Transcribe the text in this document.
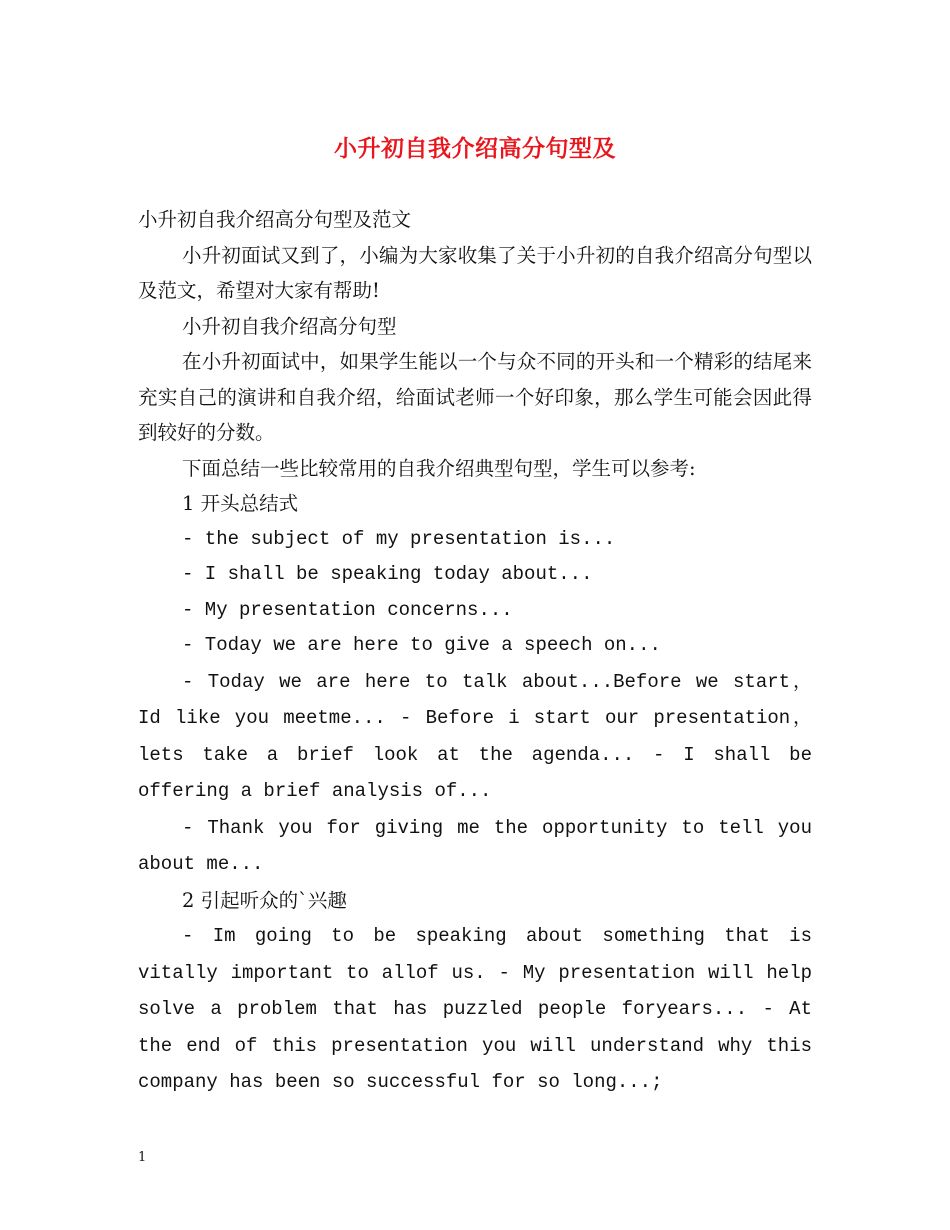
小升初自我介绍高分句型及

小升初自我介绍高分句型及范文

小升初面试又到了，小编为大家收集了关于小升初的自我介绍高分句型以及范文，希望对大家有帮助!

小升初自我介绍高分句型

在小升初面试中，如果学生能以一个与众不同的开头和一个精彩的结尾来充实自己的演讲和自我介绍，给面试老师一个好印象，那么学生可能会因此得到较好的分数。

下面总结一些比较常用的自我介绍典型句型，学生可以参考:

1 开头总结式

- the subject of my presentation is...

- I shall be speaking today about...

- My presentation concerns...

- Today we are here to give a speech on...

- Today we are here to talk about...Before we start， Id like you meetme... - Before i start our presentation， lets take a brief look at the agenda... - I shall be offering a brief analysis of...

- Thank you for giving me the opportunity to tell you about me...

2 引起听众的`兴趣

- Im going to be speaking about something that is vitally important to allof us. - My presentation will help solve a problem that has puzzled people foryears... - At the end of this presentation you will understand why this company has been so successful for so long...;

1
